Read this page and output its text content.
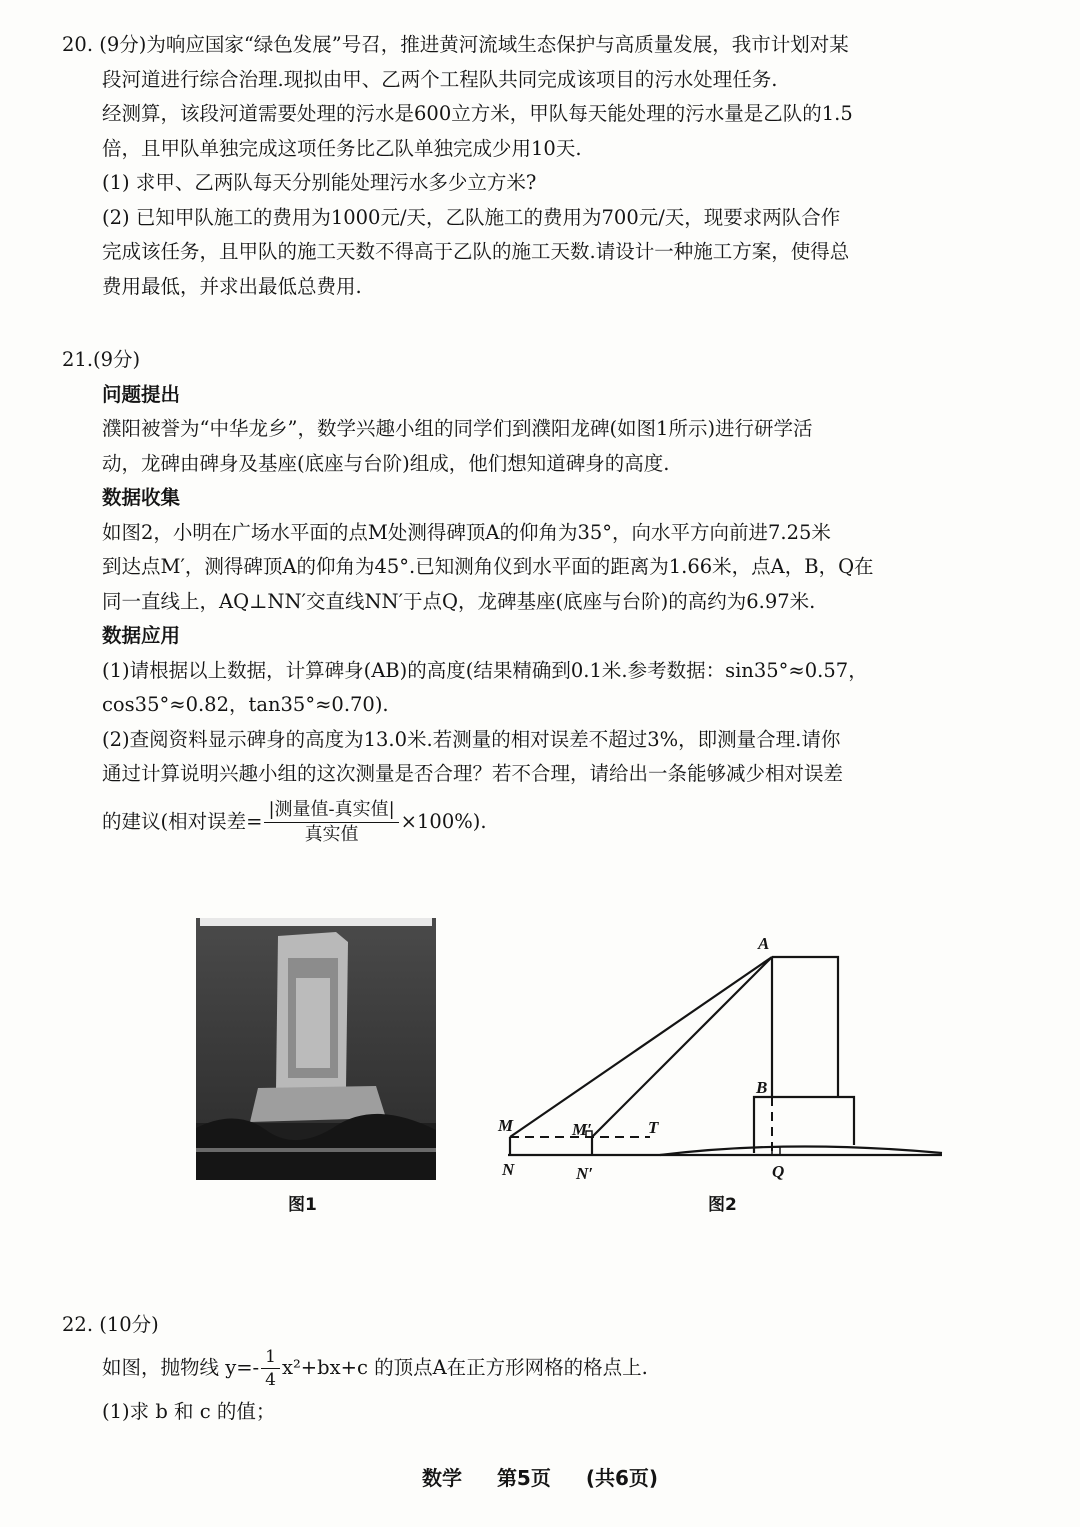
20. (9分)为响应国家“绿色发展”号召，推进黄河流域生态保护与高质量发展，我市计划对某

段河道进行综合治理.现拟由甲、乙两个工程队共同完成该项目的污水处理任务.

经测算，该段河道需要处理的污水是600立方米，甲队每天能处理的污水量是乙队的1.5

倍，且甲队单独完成这项任务比乙队单独完成少用10天.

(1) 求甲、乙两队每天分别能处理污水多少立方米?

(2) 已知甲队施工的费用为1000元/天，乙队施工的费用为700元/天，现要求两队合作

完成该任务，且甲队的施工天数不得高于乙队的施工天数.请设计一种施工方案，使得总

费用最低，并求出最低总费用.

21.(9分)

问题提出

濮阳被誉为“中华龙乡”，数学兴趣小组的同学们到濮阳龙碑(如图1所示)进行研学活

动，龙碑由碑身及基座(底座与台阶)组成，他们想知道碑身的高度.

数据收集

如图2，小明在广场水平面的点M处测得碑顶A的仰角为35°，向水平方向前进7.25米

到达点M′，测得碑顶A的仰角为45°.已知测角仪到水平面的距离为1.66米，点A，B，Q在

同一直线上，AQ⊥NN′交直线NN′于点Q，龙碑基座(底座与台阶)的高约为6.97米.

数据应用

(1)请根据以上数据，计算碑身(AB)的高度(结果精确到0.1米.参考数据：sin35°≈0.57，

cos35°≈0.82，tan35°≈0.70).

(2)查阅资料显示碑身的高度为13.0米.若测量的相对误差不超过3%，即测量合理.请你

通过计算说明兴趣小组的这次测量是否合理？若不合理，请给出一条能够减少相对误差

的建议(相对误差= $\frac{\text{|测量值-真实值|}}{\text{真实值}} \times 100\%$).

图1
A
B
M	M′	T
N	N′	Q
图2

22. (10分)

如图，抛物线 $y=- \frac{1}{4} x^2+bx+c$ 的顶点A在正方形网格的格点上.

(1)求 b 和 c 的值；

数学 第5页 (共6页)
